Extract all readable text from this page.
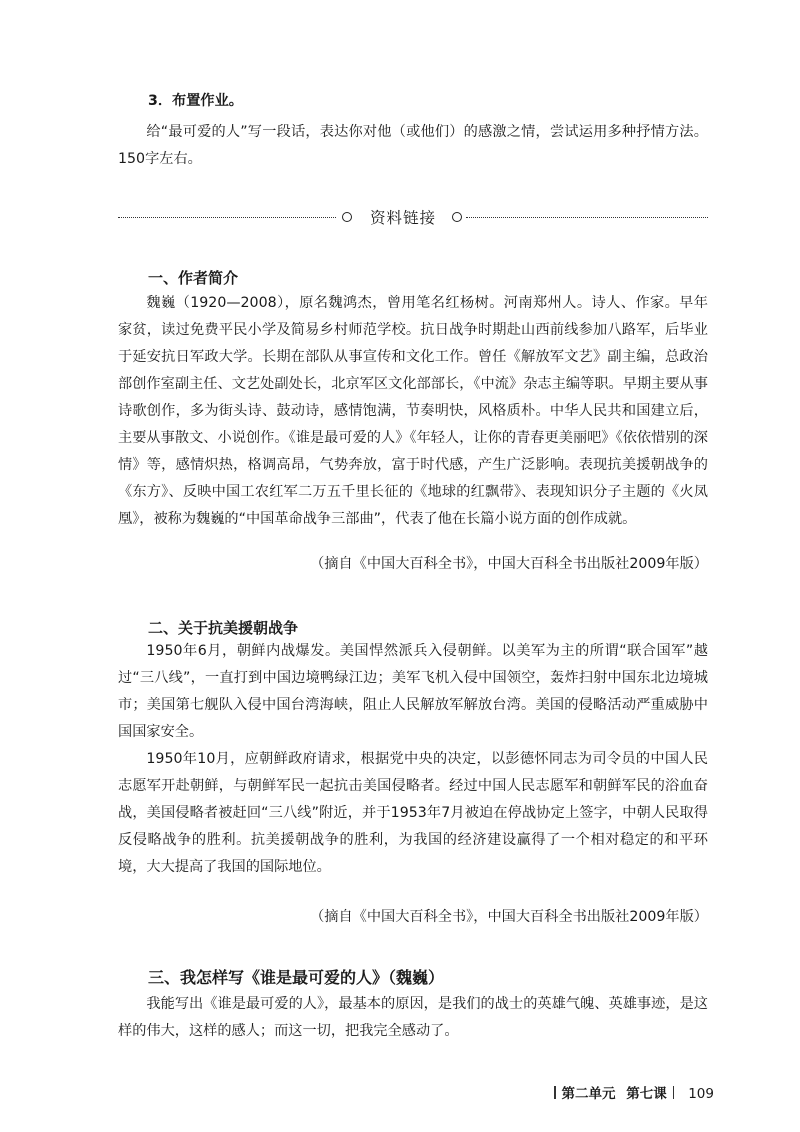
3．布置作业。

给“最可爱的人”写一段话，表达你对他（或他们）的感激之情，尝试运用多种抒情方法。150字左右。

资料链接

一、作者简介

魏巍（1920—2008），原名魏鸿杰，曾用笔名红杨树。河南郑州人。诗人、作家。早年家贫，读过免费平民小学及简易乡村师范学校。抗日战争时期赴山西前线参加八路军，后毕业于延安抗日军政大学。长期在部队从事宣传和文化工作。曾任《解放军文艺》副主编，总政治部创作室副主任、文艺处副处长，北京军区文化部部长，《中流》杂志主编等职。早期主要从事诗歌创作，多为街头诗、鼓动诗，感情饱满，节奏明快，风格质朴。中华人民共和国建立后，主要从事散文、小说创作。《谁是最可爱的人》《年轻人，让你的青春更美丽吧》《依依惜别的深情》等，感情炽热，格调高昂，气势奔放，富于时代感，产生广泛影响。表现抗美援朝战争的《东方》、反映中国工农红军二万五千里长征的《地球的红飘带》、表现知识分子主题的《火凤凰》，被称为魏巍的“中国革命战争三部曲”，代表了他在长篇小说方面的创作成就。

（摘自《中国大百科全书》，中国大百科全书出版社2009年版）

二、关于抗美援朝战争

1950年6月，朝鲜内战爆发。美国悍然派兵入侵朝鲜。以美军为主的所谓“联合国军”越过“三八线”，一直打到中国边境鸭绿江边；美军飞机入侵中国领空，轰炸扫射中国东北边境城市；美国第七舰队入侵中国台湾海峡，阻止人民解放军解放台湾。美国的侵略活动严重威胁中国国家安全。

1950年10月，应朝鲜政府请求，根据党中央的决定，以彭德怀同志为司令员的中国人民志愿军开赴朝鲜，与朝鲜军民一起抗击美国侵略者。经过中国人民志愿军和朝鲜军民的浴血奋战，美国侵略者被赶回“三八线”附近，并于1953年7月被迫在停战协定上签字，中朝人民取得反侵略战争的胜利。抗美援朝战争的胜利，为我国的经济建设赢得了一个相对稳定的和平环境，大大提高了我国的国际地位。

（摘自《中国大百科全书》，中国大百科全书出版社2009年版）

三、我怎样写《谁是最可爱的人》（魏巍）

我能写出《谁是最可爱的人》，最基本的原因，是我们的战士的英雄气魄、英雄事迹，是这样的伟大，这样的感人；而这一切，把我完全感动了。

第二单元 第七课 109
